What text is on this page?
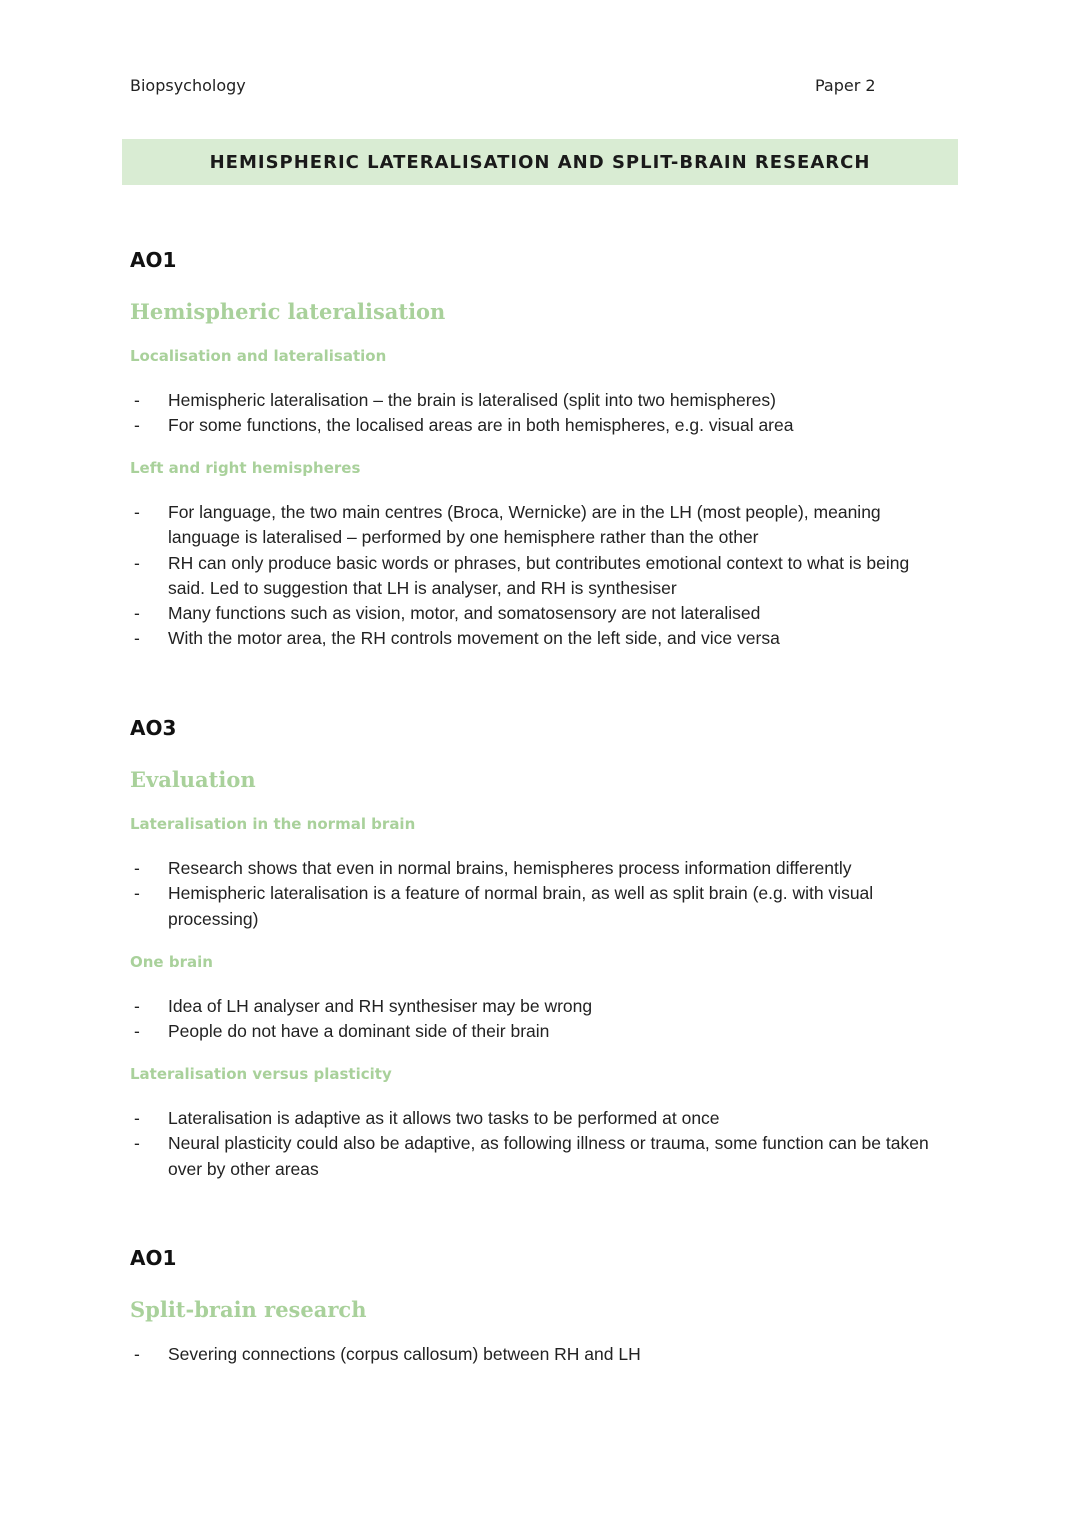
Biopsychology	Paper 2
HEMISPHERIC LATERALISATION AND SPLIT-BRAIN RESEARCH
AO1
Hemispheric lateralisation
Localisation and lateralisation
- Hemispheric lateralisation – the brain is lateralised (split into two hemispheres)
- For some functions, the localised areas are in both hemispheres, e.g. visual area
Left and right hemispheres
- For language, the two main centres (Broca, Wernicke) are in the LH (most people), meaning language is lateralised – performed by one hemisphere rather than the other
- RH can only produce basic words or phrases, but contributes emotional context to what is being said. Led to suggestion that LH is analyser, and RH is synthesiser
- Many functions such as vision, motor, and somatosensory are not lateralised
- With the motor area, the RH controls movement on the left side, and vice versa
AO3
Evaluation
Lateralisation in the normal brain
- Research shows that even in normal brains, hemispheres process information differently
- Hemispheric lateralisation is a feature of normal brain, as well as split brain (e.g. with visual processing)
One brain
- Idea of LH analyser and RH synthesiser may be wrong
- People do not have a dominant side of their brain
Lateralisation versus plasticity
- Lateralisation is adaptive as it allows two tasks to be performed at once
- Neural plasticity could also be adaptive, as following illness or trauma, some function can be taken over by other areas
AO1
Split-brain research
- Severing connections (corpus callosum) between RH and LH
